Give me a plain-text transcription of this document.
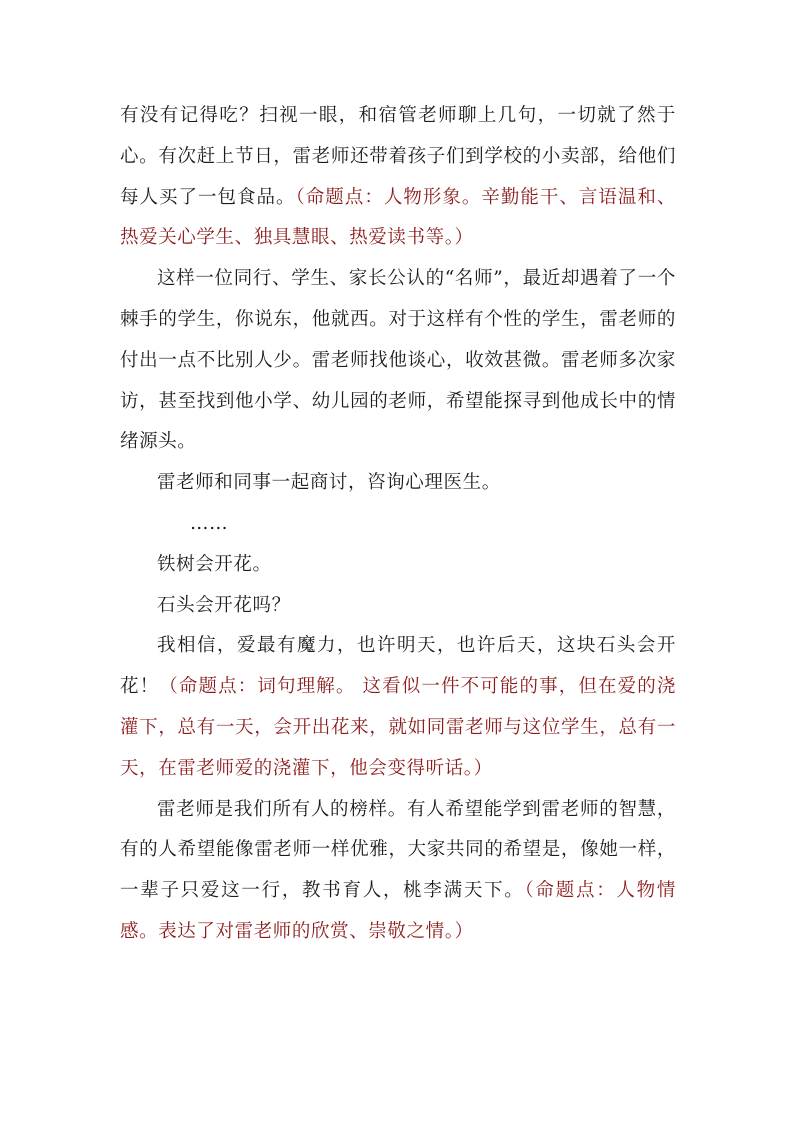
有没有记得吃？扫视一眼，和宿管老师聊上几句，一切就了然于心。有次赶上节日，雷老师还带着孩子们到学校的小卖部，给他们每人买了一包食品。（命题点：人物形象。辛勤能干、言语温和、热爱关心学生、独具慧眼、热爱读书等。）

这样一位同行、学生、家长公认的“名师”，最近却遇着了一个棘手的学生，你说东，他就西。对于这样有个性的学生，雷老师的付出一点不比别人少。雷老师找他谈心，收效甚微。雷老师多次家访，甚至找到他小学、幼儿园的老师，希望能探寻到他成长中的情绪源头。

雷老师和同事一起商讨，咨询心理医生。

……

铁树会开花。

石头会开花吗？

我相信，爱最有魔力，也许明天，也许后天，这块石头会开花！（命题点：词句理解。 这看似一件不可能的事，但在爱的浇灌下，总有一天，会开出花来，就如同雷老师与这位学生，总有一天，在雷老师爱的浇灌下，他会变得听话。）

雷老师是我们所有人的榜样。有人希望能学到雷老师的智慧，有的人希望能像雷老师一样优雅，大家共同的希望是，像她一样，一辈子只爱这一行，教书育人，桃李满天下。（命题点：人物情感。表达了对雷老师的欣赏、崇敬之情。）
